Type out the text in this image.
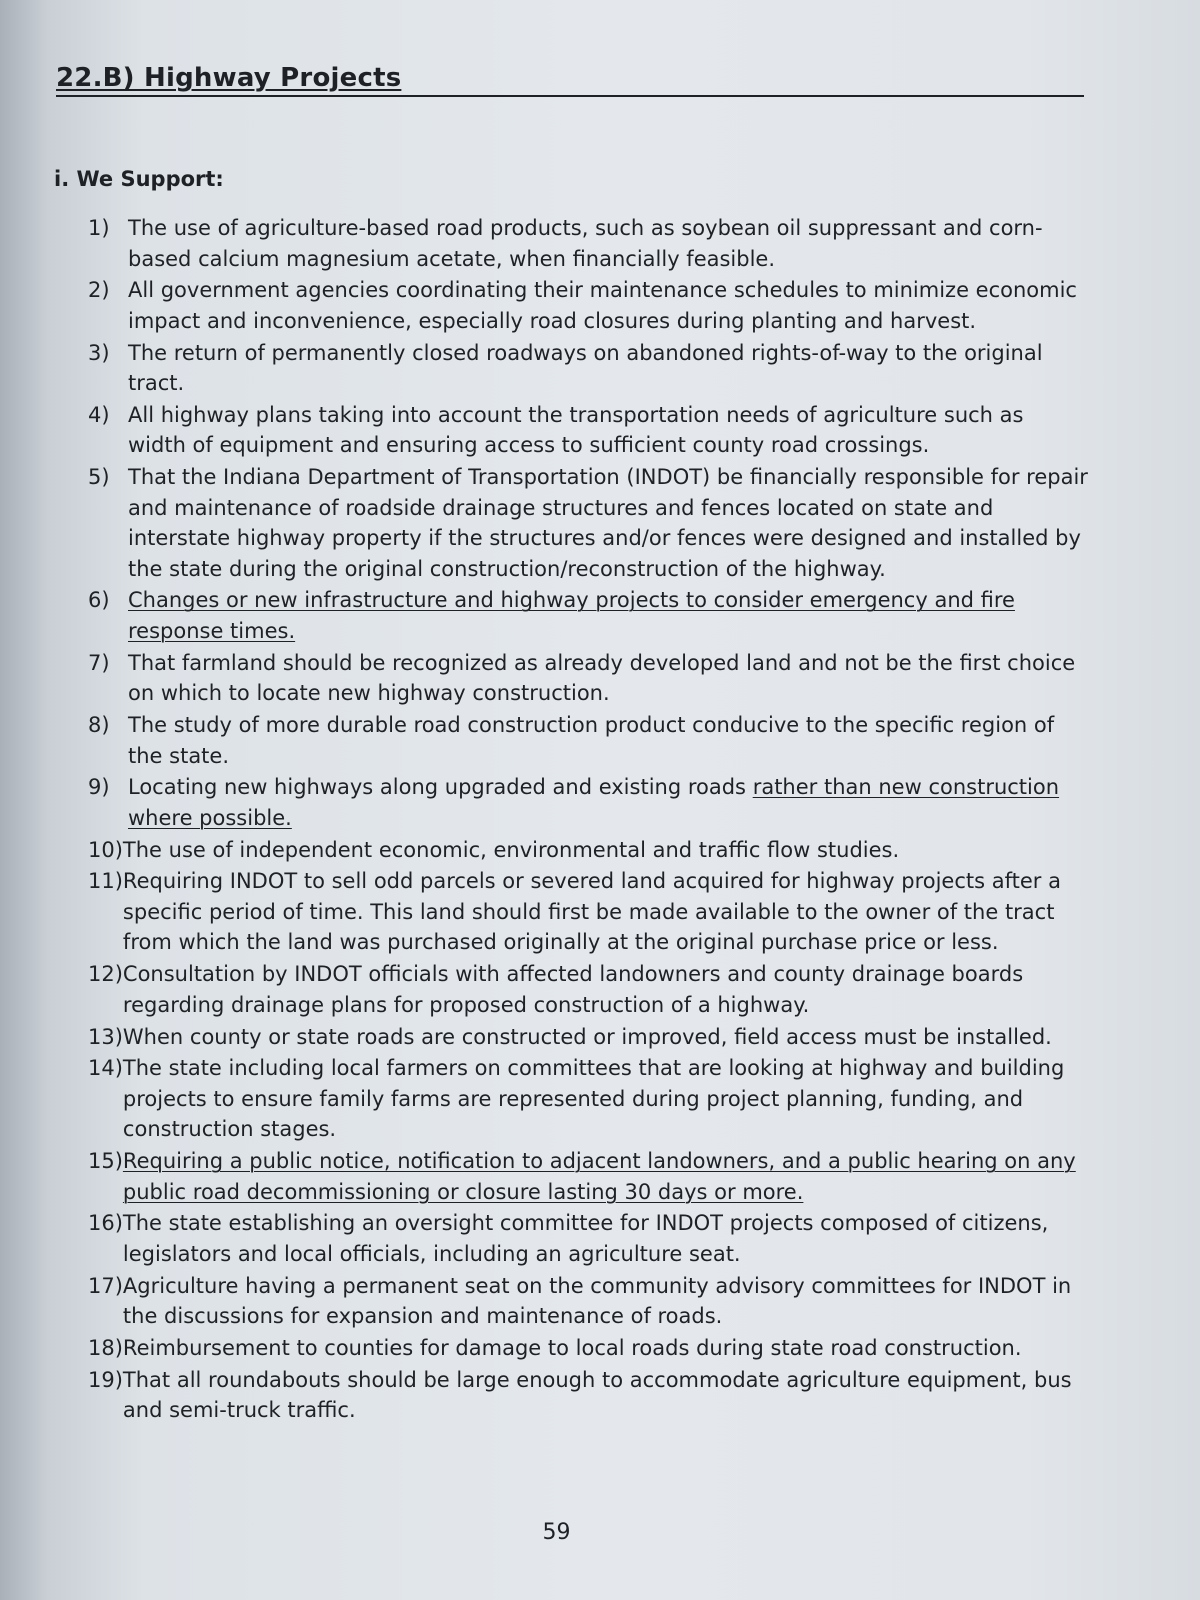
22.B) Highway Projects
i. We Support:
1) The use of agriculture-based road products, such as soybean oil suppressant and corn-based calcium magnesium acetate, when financially feasible.
2) All government agencies coordinating their maintenance schedules to minimize economic impact and inconvenience, especially road closures during planting and harvest.
3) The return of permanently closed roadways on abandoned rights-of-way to the original tract.
4) All highway plans taking into account the transportation needs of agriculture such as width of equipment and ensuring access to sufficient county road crossings.
5) That the Indiana Department of Transportation (INDOT) be financially responsible for repair and maintenance of roadside drainage structures and fences located on state and interstate highway property if the structures and/or fences were designed and installed by the state during the original construction/reconstruction of the highway.
6) Changes or new infrastructure and highway projects to consider emergency and fire response times.
7) That farmland should be recognized as already developed land and not be the first choice on which to locate new highway construction.
8) The study of more durable road construction product conducive to the specific region of the state.
9) Locating new highways along upgraded and existing roads rather than new construction where possible.
10) The use of independent economic, environmental and traffic flow studies.
11) Requiring INDOT to sell odd parcels or severed land acquired for highway projects after a specific period of time. This land should first be made available to the owner of the tract from which the land was purchased originally at the original purchase price or less.
12) Consultation by INDOT officials with affected landowners and county drainage boards regarding drainage plans for proposed construction of a highway.
13) When county or state roads are constructed or improved, field access must be installed.
14) The state including local farmers on committees that are looking at highway and building projects to ensure family farms are represented during project planning, funding, and construction stages.
15) Requiring a public notice, notification to adjacent landowners, and a public hearing on any public road decommissioning or closure lasting 30 days or more.
16) The state establishing an oversight committee for INDOT projects composed of citizens, legislators and local officials, including an agriculture seat.
17) Agriculture having a permanent seat on the community advisory committees for INDOT in the discussions for expansion and maintenance of roads.
18) Reimbursement to counties for damage to local roads during state road construction.
19) That all roundabouts should be large enough to accommodate agriculture equipment, bus and semi-truck traffic.
59
